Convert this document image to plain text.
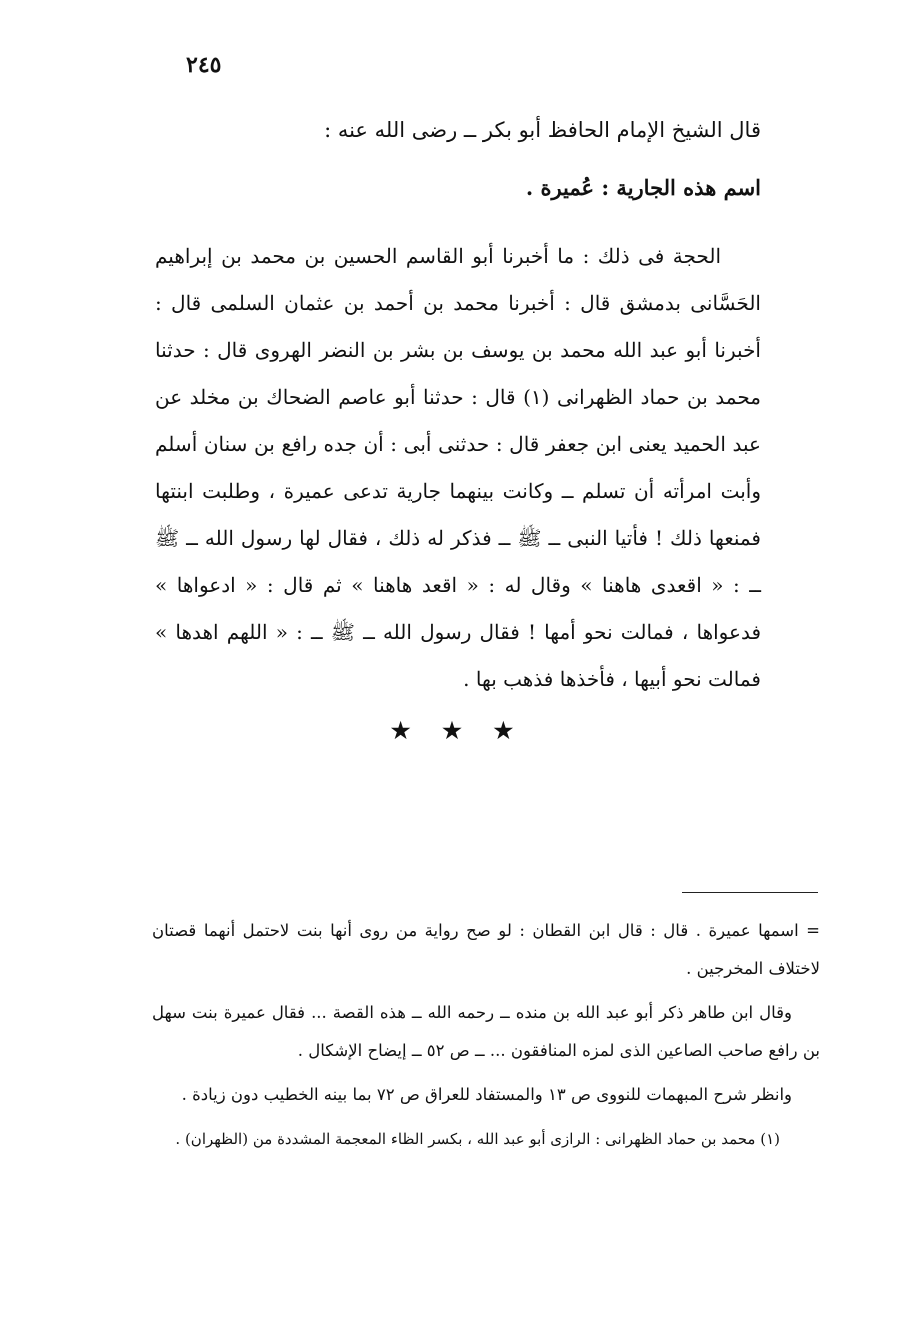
٢٤٥
قال الشيخ الإمام الحافظ أبو بكر ــ رضى الله عنه :
اسم هذه الجارية : عُميرة .

الحجة فى ذلك : ما أخبرنا أبو القاسم الحسين بن محمد بن إبراهيم الحَسَّانى بدمشق قال : أخبرنا محمد بن أحمد بن عثمان السلمى قال : أخبرنا أبو عبد الله محمد بن يوسف بن بشر بن النضر الهروى قال : حدثنا محمد بن حماد الظهرانى (١) قال : حدثنا أبو عاصم الضحاك بن مخلد عن عبد الحميد يعنى ابن جعفر قال : حدثنى أبى : أن جده رافع بن سنان أسلم وأبت امرأته أن تسلم ــ وكانت بينهما جارية تدعى عميرة ، وطلبت ابنتها فمنعها ذلك ! فأتيا النبى ــ ﷺ ــ فذكر له ذلك ، فقال لها رسول الله ــ ﷺ ــ : « اقعدى هاهنا » وقال له : « اقعد هاهنا » ثم قال : « ادعواها » فدعواها ، فمالت نحو أمها ! فقال رسول الله ــ ﷺ ــ : « اللهم اهدها » فمالت نحو أبيها ، فأخذها فذهب بها .

★ ★ ★

= اسمها عميرة . قال : قال ابن القطان : لو صح رواية من روى أنها بنت لاحتمل أنهما قصتان لاختلاف المخرجين .

وقال ابن طاهر ذكر أبو عبد الله بن منده ــ رحمه الله ــ هذه القصة ... فقال عميرة بنت سهل بن رافع صاحب الصاعين الذى لمزه المنافقون ... ــ ص ٥٢ ــ إيضاح الإشكال .

وانظر شرح المبهمات للنووى ص ١٣ والمستفاد للعراق ص ٧٢ بما بينه الخطيب دون زيادة .

(١) محمد بن حماد الظهرانى : الرازى أبو عبد الله ، بكسر الظاء المعجمة المشددة من (الظهران) .
